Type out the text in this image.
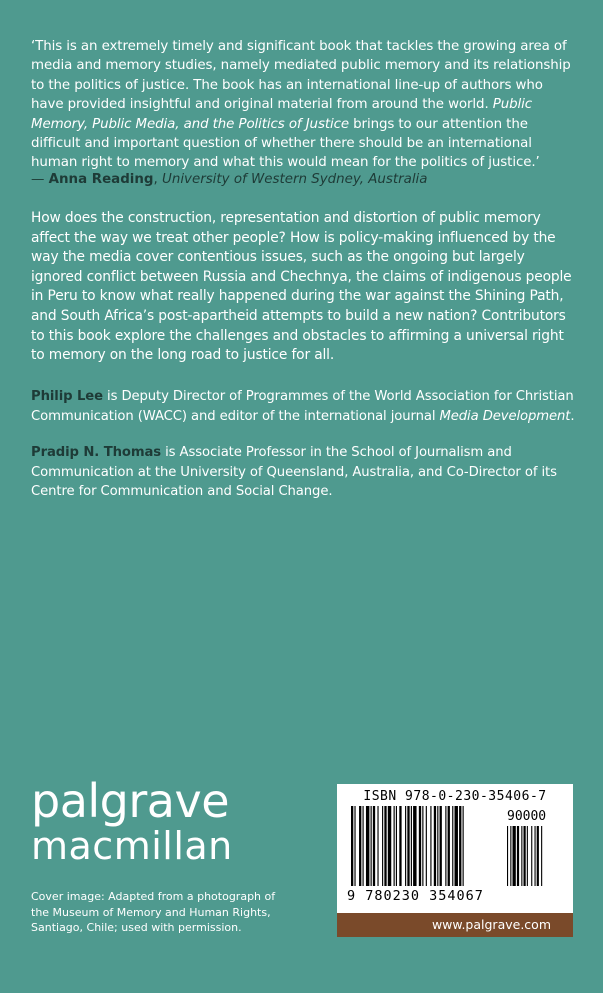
‘This is an extremely timely and significant book that tackles the growing area of media and memory studies, namely mediated public memory and its relationship to the politics of justice. The book has an international line-up of authors who have provided insightful and original material from around the world. Public Memory, Public Media, and the Politics of Justice brings to our attention the difficult and important question of whether there should be an international human right to memory and what this would mean for the politics of justice.’
— Anna Reading, University of Western Sydney, Australia
How does the construction, representation and distortion of public memory affect the way we treat other people? How is policy-making influenced by the way the media cover contentious issues, such as the ongoing but largely ignored conflict between Russia and Chechnya, the claims of indigenous people in Peru to know what really happened during the war against the Shining Path, and South Africa’s post-apartheid attempts to build a new nation? Contributors to this book explore the challenges and obstacles to affirming a universal right to memory on the long road to justice for all.
Philip Lee is Deputy Director of Programmes of the World Association for Christian Communication (WACC) and editor of the international journal Media Development.
Pradip N. Thomas is Associate Professor in the School of Journalism and Communication at the University of Queensland, Australia, and Co-Director of its Centre for Communication and Social Change.
palgrave
macmillan
Cover image: Adapted from a photograph of the Museum of Memory and Human Rights, Santiago, Chile; used with permission.
ISBN 978-0-230-35406-7
90000
9 780230 354067
www.palgrave.com
